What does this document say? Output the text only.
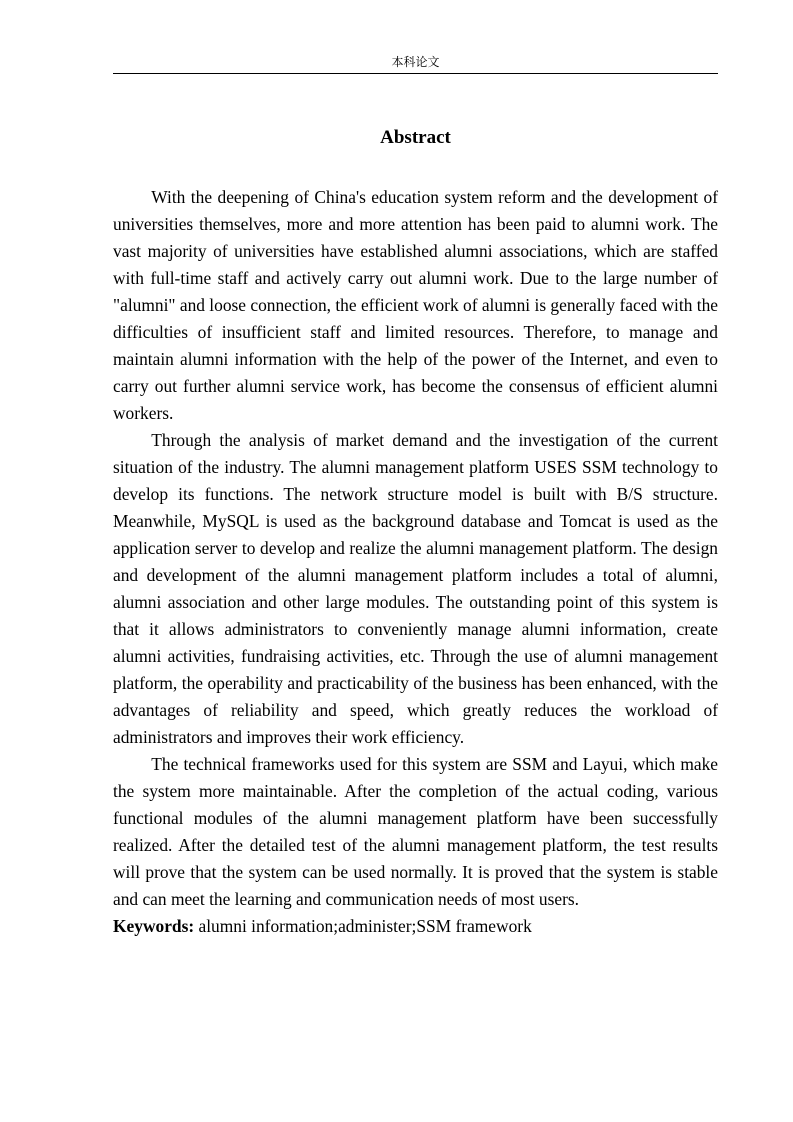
本科论文
Abstract

With the deepening of China's education system reform and the development of universities themselves, more and more attention has been paid to alumni work. The vast majority of universities have established alumni associations, which are staffed with full-time staff and actively carry out alumni work. Due to the large number of "alumni" and loose connection, the efficient work of alumni is generally faced with the difficulties of insufficient staff and limited resources. Therefore, to manage and maintain alumni information with the help of the power of the Internet, and even to carry out further alumni service work, has become the consensus of efficient alumni workers.

Through the analysis of market demand and the investigation of the current situation of the industry. The alumni management platform USES SSM technology to develop its functions. The network structure model is built with B/S structure. Meanwhile, MySQL is used as the background database and Tomcat is used as the application server to develop and realize the alumni management platform. The design and development of the alumni management platform includes a total of alumni, alumni association and other large modules. The outstanding point of this system is that it allows administrators to conveniently manage alumni information, create alumni activities, fundraising activities, etc. Through the use of alumni management platform, the operability and practicability of the business has been enhanced, with the advantages of reliability and speed, which greatly reduces the workload of administrators and improves their work efficiency.

The technical frameworks used for this system are SSM and Layui, which make the system more maintainable. After the completion of the actual coding, various functional modules of the alumni management platform have been successfully realized. After the detailed test of the alumni management platform, the test results will prove that the system can be used normally. It is proved that the system is stable and can meet the learning and communication needs of most users.

Keywords: alumni information;administer;SSM framework
